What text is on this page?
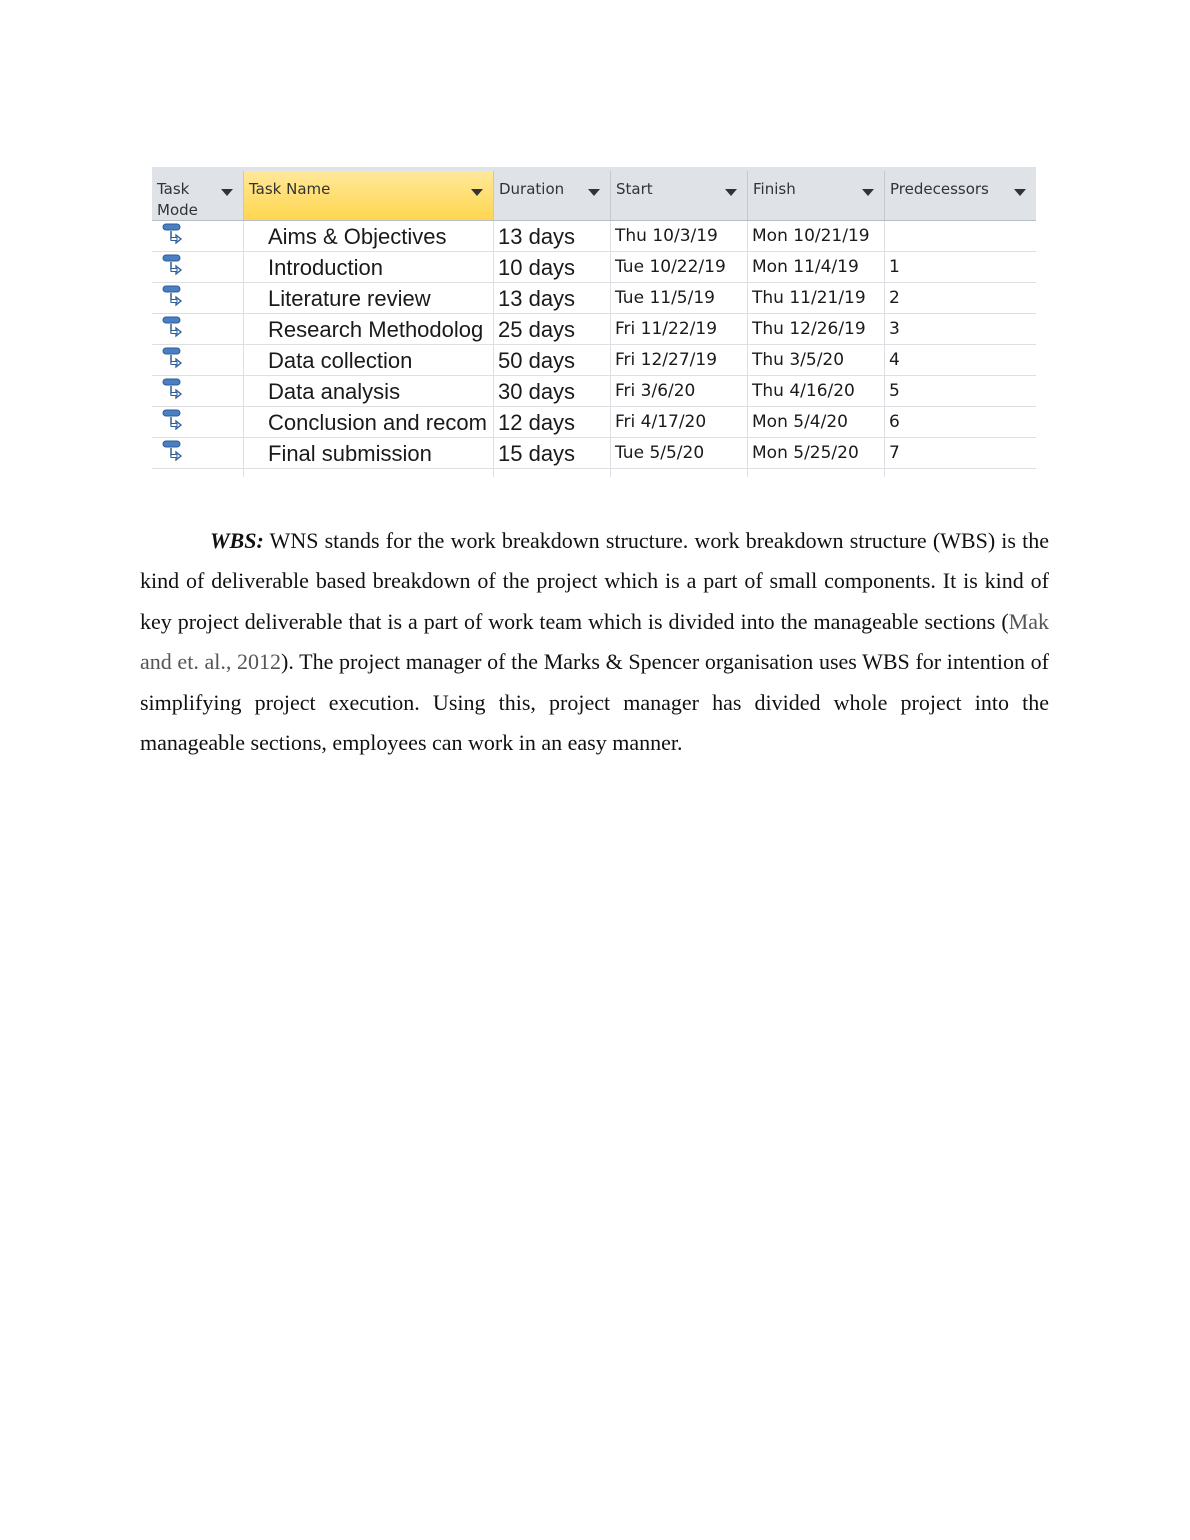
Task
Mode
Task Name	Duration	Start	Finish	Predecessors
Aims & Objectives	13 days	Thu 10/3/19	Mon 10/21/19
Introduction	10 days	Tue 10/22/19	Mon 11/4/19	1
Literature review	13 days	Tue 11/5/19	Thu 11/21/19	2
Research Methodolog 25 days	Fri 11/22/19	Thu 12/26/19	3
Data collection	50 days	Fri 12/27/19	Thu 3/5/20	4
Data analysis	30 days	Fri 3/6/20	Thu 4/16/20	5
Conclusion and recom 12 days	Fri 4/17/20	Mon 5/4/20	6
Final submission	15 days	Tue 5/5/20	Mon 5/25/20	7

WBS: WNS stands for the work breakdown structure. work breakdown structure (WBS) is the kind of deliverable based breakdown of the project which is a part of small components. It is kind of key project deliverable that is a part of work team which is divided into the manageable sections (Mak and et. al., 2012). The project manager of the Marks & Spencer organisation uses WBS for intention of simplifying project execution. Using this, project manager has divided whole project into the manageable sections, employees can work in an easy manner.
